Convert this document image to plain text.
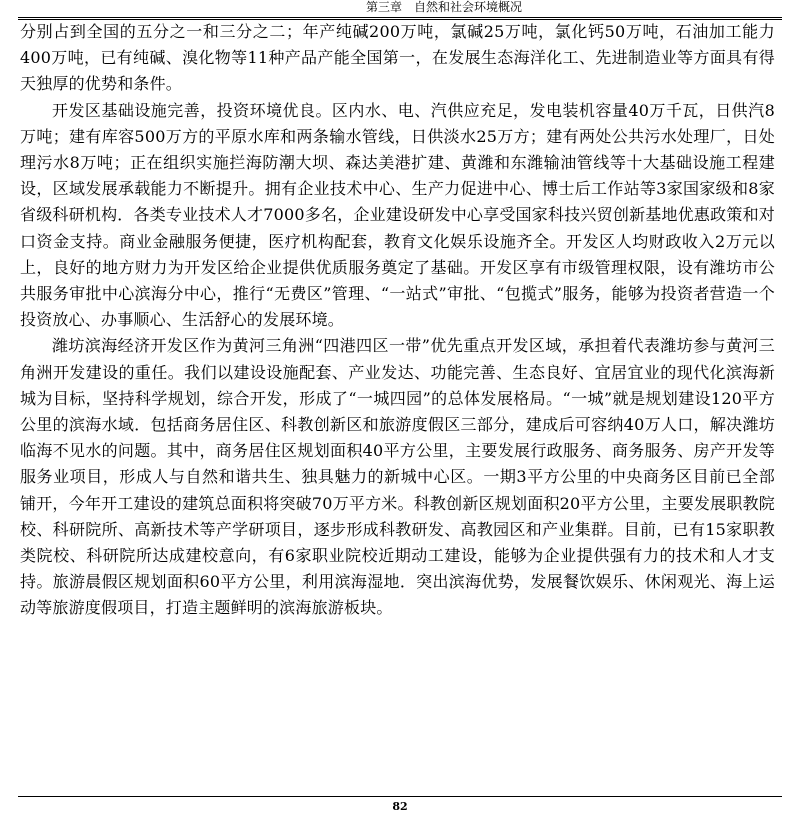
第三章　自然和社会环境概况

分别占到全国的五分之一和三分之二；年产纯碱200万吨，氯碱25万吨，氯化钙50万吨，石油加工能力400万吨，已有纯碱、溴化物等11种产品产能全国第一，在发展生态海洋化工、先进制造业等方面具有得天独厚的优势和条件。

开发区基础设施完善，投资环境优良。区内水、电、汽供应充足，发电装机容量40万千瓦，日供汽8万吨；建有库容500万方的平原水库和两条输水管线，日供淡水25万方；建有两处公共污水处理厂，日处理污水8万吨；正在组织实施拦海防潮大坝、森达美港扩建、黄潍和东潍输油管线等十大基础设施工程建设，区域发展承载能力不断提升。拥有企业技术中心、生产力促进中心、博士后工作站等3家国家级和8家省级科研机构．各类专业技术人才7000多名，企业建设研发中心享受国家科技兴贸创新基地优惠政策和对口资金支持。商业金融服务便捷，医疗机构配套，教育文化娱乐设施齐全。开发区人均财政收入2万元以上，良好的地方财力为开发区给企业提供优质服务奠定了基础。开发区享有市级管理权限，设有潍坊市公共服务审批中心滨海分中心，推行“无费区”管理、“一站式”审批、“包揽式”服务，能够为投资者营造一个投资放心、办事顺心、生活舒心的发展环境。

潍坊滨海经济开发区作为黄河三角洲“四港四区一带”优先重点开发区域，承担着代表潍坊参与黄河三角洲开发建设的重任。我们以建设设施配套、产业发达、功能完善、生态良好、宜居宜业的现代化滨海新城为目标，坚持科学规划，综合开发，形成了“一城四园”的总体发展格局。“一城”就是规划建设120平方公里的滨海水域．包括商务居住区、科教创新区和旅游度假区三部分，建成后可容纳40万人口，解决潍坊临海不见水的问题。其中，商务居住区规划面积40平方公里，主要发展行政服务、商务服务、房产开发等服务业项目，形成人与自然和谐共生、独具魅力的新城中心区。一期3平方公里的中央商务区目前已全部铺开，今年开工建设的建筑总面积将突破70万平方米。科教创新区规划面积20平方公里，主要发展职教院校、科研院所、高新技术等产学研项目，逐步形成科教研发、高教园区和产业集群。目前，已有15家职教类院校、科研院所达成建校意向，有6家职业院校近期动工建设，能够为企业提供强有力的技术和人才支持。旅游晨假区规划面积60平方公里，利用滨海湿地．突出滨海优势，发展餐饮娱乐、休闲观光、海上运动等旅游度假项目，打造主题鲜明的滨海旅游板块。

82
